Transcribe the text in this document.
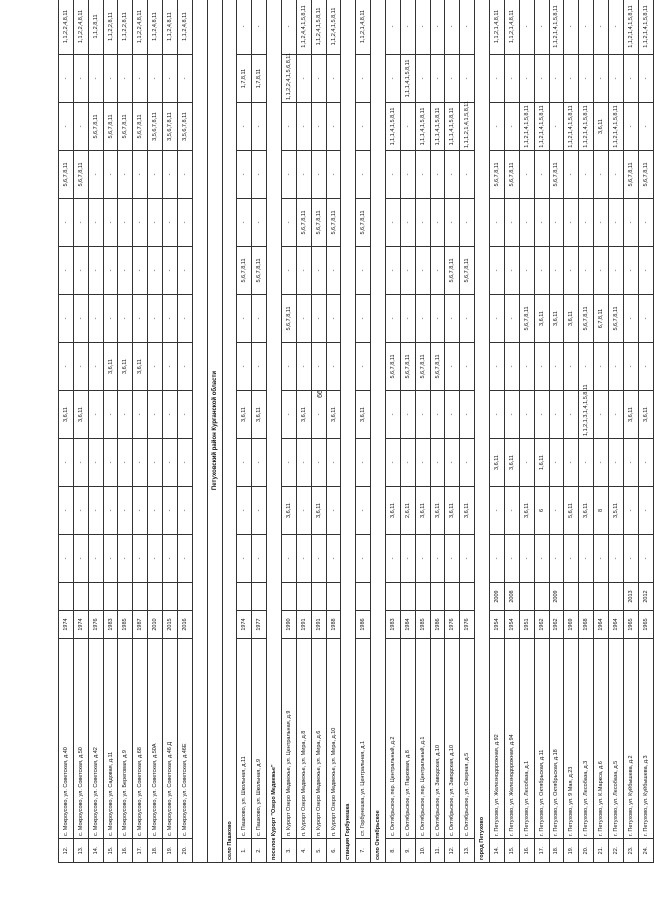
66
12.	с. Мокроусово, ул. Советская, д.40	1974		-	-	-	3,6,11	-	-	-	-	5,6,7,8,11	-	-	1,1,2,2,4,8,11
13.	с. Мокроусово, ул. Советская, д.50	1974		-	-	-	3,6,11	-	-	-	-	5,6,7,8,11	-	-	1,1,2,2,4,8,11
14.	с. Мокроусово, ул. Советская, д.42	1976		-	-	-	-	-	-	-	-	-	5,6,7,8,11	-	1,1,2,8,11
15.	с. Мокроусово, ул. Садовая, д.11	1983		-	-	-	-	3,6,11	-	-	-	-	5,6,7,8,11	-	1,1,2,2,8,11
16.	с. Мокроусово, ул. Береговая, д.9	1985		-	-	-	-	3,6,11	-	-	-	-	5,6,7,8,11	-	1,1,2,2,8,11
17.	с. Мокроусово, ул. Советская, д.68	1987		-	-	-	-	3,6,11	-	-	-	-	5,6,7,8,11	-	1,1,2,2,4,8,11
18.	с. Мокроусово, ул. Советская, д.50А	2010		-	-	-	-	-	-	-	-	-	3,5,6,7,8,11	-	1,1,2,4,8,11
19.	с. Мокроусово, ул. Советская, д.46 Д	2015		-	-	-	-	-	-	-	-	-	3,5,6,7,8,11	-	1,1,2,4,8,11
20.	с. Мокроусово, ул. Советская, д.46Е	2016		-	-	-	-	-	-	-	-	-	3,5,6,7,8,11	-	1,1,2,4,8,11

Петуховский район Курганской области															
село Пашково															
1.	с. Пашково, ул. Школьная, д.11	1974		-	-	-	3,6,11	-	-	5,6,7,8,11	-	-	-	1,7,8,11	-
2.	с. Пашково, ул. Школьная, д.9	1977		-	-	-	3,6,11	-	-	5,6,7,8,11	-	-	-	1,7,8,11	-
поселок Курорт "Озеро Медвежье"															
3.	п. Курорт Озеро Медвежье, ул. Центральная, д.9	1990		-	3,6,11	-	-	-	5,6,7,8,11	-	-	-	-	1,1,2,2,4,1,5,6,8,11	-
4.	п. Курорт Озеро Медвежье, ул. Мира, д.8	1991		-	-	-	3,6,11	-	-	-	5,6,7,8,11	-	-	-	1,1,2,4,4,1,5,8,11
5.	п. Курорт Озеро Медвежье, ул. Мира, д.6	1991		-	3,6,11	-	-	-	-	-	5,6,7,8,11	-	-	-	1,1,2,4,1,5,8,11
6.	п. Курорт Озеро Медвежье, ул. Мира, д.10	1988		-	-	-	3,6,11	-	-	-	5,6,7,8,11	-	-	-	1,1,2,4,1,5,8,11
станция Горбунешка															
7.	ст. Горбунешка, ул. Центральная, д.1	1986		-	-	-	3,6,11	-	-	-	5,6,7,8,11	-	-	-	1,1,2,1,4,8,11
село Октябрьское															
8.	с. Октябрьское, пер. Центральный, д.2	1983		-	3,6,11	-	-	5,6,7,8,11	-	-	-	-	1,1,1,4,1,5,8,11	-	-
9.	с. Октябрьское, ул. Парковая, д.8	1984		-	2,6,11	-	-	5,6,7,8,11	-	-	-	-	-	1,1,1,4,1,5,8,11	-
10.	с. Октябрьское, пер. Центральный, д.1	1985		-	3,6,11	-	-	5,6,7,8,11	-	-	-	-	1,1,1,4,1,5,8,11	-	-
11.	с. Октябрьское, ул. Заводская, д.10	1986		-	3,6,11	-	-	5,6,7,8,11	-	-	-	-	1,1,1,4,1,5,8,11	-	-
12.	с. Октябрьское, ул. Заводская, д.10	1976		-	3,6,11	-	-	-	-	5,6,7,8,11	-	-	1,1,1,4,1,5,8,11	-	-
13.	с. Октябрьское, ул. Озерная, д.5	1976		-	3,6,11	-	-	-	-	5,6,7,8,11	-	-	1,1,1,2,1,4,1,5,8,11	-	-
город Петухово															
14.	г. Петухово, ул. Железнодорожная, д.92	1954	2009	-	-	3,6,11	-	-	-	-	-	5,6,7,8,11	-	-	1,1,2,1,4,8,11
15.	г. Петухово, ул. Железнодорожная, д.94	1954	2008	-	-	3,6,11	-	-	-	-	-	5,6,7,8,11	-	-	1,1,2,1,4,8,11
16.	г. Петухово, ул. Лесобаза, д.1	1951		-	3,6,11	-	-	-	5,6,7,8,11	-	-	-	1,1,2,1,4,1,5,8,11	-	-
17.	г. Петухово, ул. Октябрьская, д.11	1962		-	6	1,6,11	-	-	3,6,11	-	-	-	1,1,2,1,4,1,5,8,11	-	-
18.	г. Петухово, ул. Октябрьская, д.18	1962	2009	-	-	-	-	-	3,6,11	-	-	5,6,7,8,11	-	-	1,1,2,1,4,1,5,8,11
19.	г. Петухово, ул. 9 Мая, д.23	1969		-	5,6,11	-	-	-	3,6,11	-	-	-	1,1,2,1,4,1,5,8,11	-	-
20.	г. Петухово, ул. Лесобаза, д.3	1968		-	3,6,11	-	1,1,2,1,3,1,4,1,5,8,11	-	5,6,7,8,11	-	-	-	1,1,2,1,4,1,5,8,11	-	-
21.	г. Петухово, ул. К.Маркса, д.6	1964		-	8	-	-	-	6,7,8,11	-	-	-	3,6,11	-	-
22.	г. Петухово, ул. Лесобаза, д.5	1964		-	3,5,11	-	-	-	5,6,7,8,11	-	-	-	1,1,2,1,4,1,5,8,11	-	-
23.	г. Петухово, ул. Куйбышева, д.2	1965	2013	-	-	-	3,6,11	-	-	-	-	5,6,7,8,11	-	-	1,1,2,1,4,1,5,8,11
24.	г. Петухово, ул. Куйбышева, д.3	1965	2012	-	-	-	3,6,11	-	-	-	-	5,6,7,8,11	-	-	1,1,2,1,4,1,5,8,11
